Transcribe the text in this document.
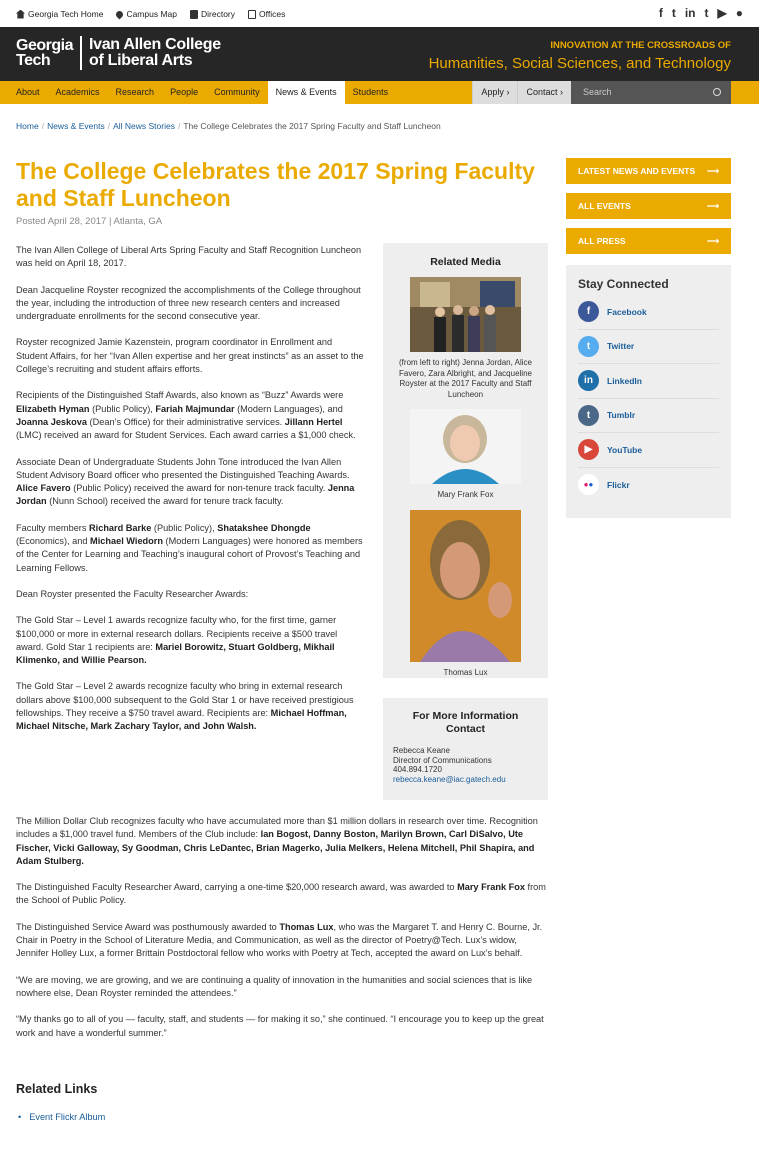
Georgia Tech Home	Campus Map	Directory	Offices	f t in t ▶ ●
Georgia
Tech
Ivan Allen College
of Liberal Arts
INNOVATION AT THE CROSSROADS OF
Humanities, Social Sciences, and Technology
About	Academics	Research	People	Community	News & Events	Students	Apply ›	Contact ›	Search
Home / News & Events / All News Stories / The College Celebrates the 2017 Spring Faculty and Staff Luncheon
The College Celebrates the 2017 Spring Faculty and Staff Luncheon
Posted April 28, 2017 | Atlanta, GA

The Ivan Allen College of Liberal Arts Spring Faculty and Staff Recognition Luncheon was held on April 18, 2017.

Dean Jacqueline Royster recognized the accomplishments of the College throughout the year, including the introduction of three new research centers and increased undergraduate enrollments for the second consecutive year.

Royster recognized Jamie Kazenstein, program coordinator in Enrollment and Student Affairs, for her “Ivan Allen expertise and her great instincts” as an asset to the College’s recruiting and student affairs efforts.

Recipients of the Distinguished Staff Awards, also known as “Buzz” Awards were Elizabeth Hyman (Public Policy), Fariah Majmundar (Modern Languages), and Joanna Jeskova (Dean’s Office) for their administrative services. Jillann Hertel (LMC) received an award for Student Services. Each award carries a $1,000 check.

Associate Dean of Undergraduate Students John Tone introduced the Ivan Allen Student Advisory Board officer who presented the Distinguished Teaching Awards. Alice Favero (Public Policy) received the award for non-tenure track faculty. Jenna Jordan (Nunn School) received the award for tenure track faculty.

Faculty members Richard Barke (Public Policy), Shatakshee Dhongde (Economics), and Michael Wiedorn (Modern Languages) were honored as members of the Center for Learning and Teaching’s inaugural cohort of Provost’s Teaching and Learning Fellows.

Dean Royster presented the Faculty Researcher Awards:

The Gold Star – Level 1 awards recognize faculty who, for the first time, garner $100,000 or more in external research dollars. Recipients receive a $500 travel award. Gold Star 1 recipients are: Mariel Borowitz, Stuart Goldberg, Mikhail Klimenko, and Willie Pearson.

The Gold Star – Level 2 awards recognize faculty who bring in external research dollars above $100,000 subsequent to the Gold Star 1 or have received prestigious fellowships. They receive a $750 travel award. Recipients are: Michael Hoffman, Michael Nitsche, Mark Zachary Taylor, and John Walsh.

The Million Dollar Club recognizes faculty who have accumulated more than $1 million dollars in research over time. Recognition includes a $1,000 travel fund. Members of the Club include: Ian Bogost, Danny Boston, Marilyn Brown, Carl DiSalvo, Ute Fischer, Vicki Galloway, Sy Goodman, Chris LeDantec, Brian Magerko, Julia Melkers, Helena Mitchell, Phil Shapira, and Adam Stulberg.

The Distinguished Faculty Researcher Award, carrying a one-time $20,000 research award, was awarded to Mary Frank Fox from the School of Public Policy.

The Distinguished Service Award was posthumously awarded to Thomas Lux, who was the Margaret T. and Henry C. Bourne, Jr. Chair in Poetry in the School of Literature Media, and Communication, as well as the director of Poetry@Tech. Lux’s widow, Jennifer Holley Lux, a former Brittain Postdoctoral fellow who works with Poetry at Tech, accepted the award on Lux’s behalf.

“We are moving, we are growing, and we are continuing a quality of innovation in the humanities and social sciences that is like nowhere else, Dean Royster reminded the attendees.”

“My thanks go to all of you — faculty, staff, and students — for making it so,” she continued. “I encourage you to keep up the great work and have a wonderful summer.”

Related Media
(from left to right) Jenna Jordan, Alice Favero, Zara Albright, and Jacqueline Royster at the 2017 Faculty and Staff Luncheon
Mary Frank Fox
Thomas Lux
For More Information Contact
Rebecca Keane
Director of Communications
404.894.1720
rebecca.keane@iac.gatech.edu
LATEST NEWS AND EVENTS ⟶
ALL EVENTS	⟶
ALL PRESS	⟶
Stay Connected
f	Facebook
t	Twitter
in	LinkedIn
t	Tumblr
▶	YouTube
●●	Flickr
Related Links
• Event Flickr Album
